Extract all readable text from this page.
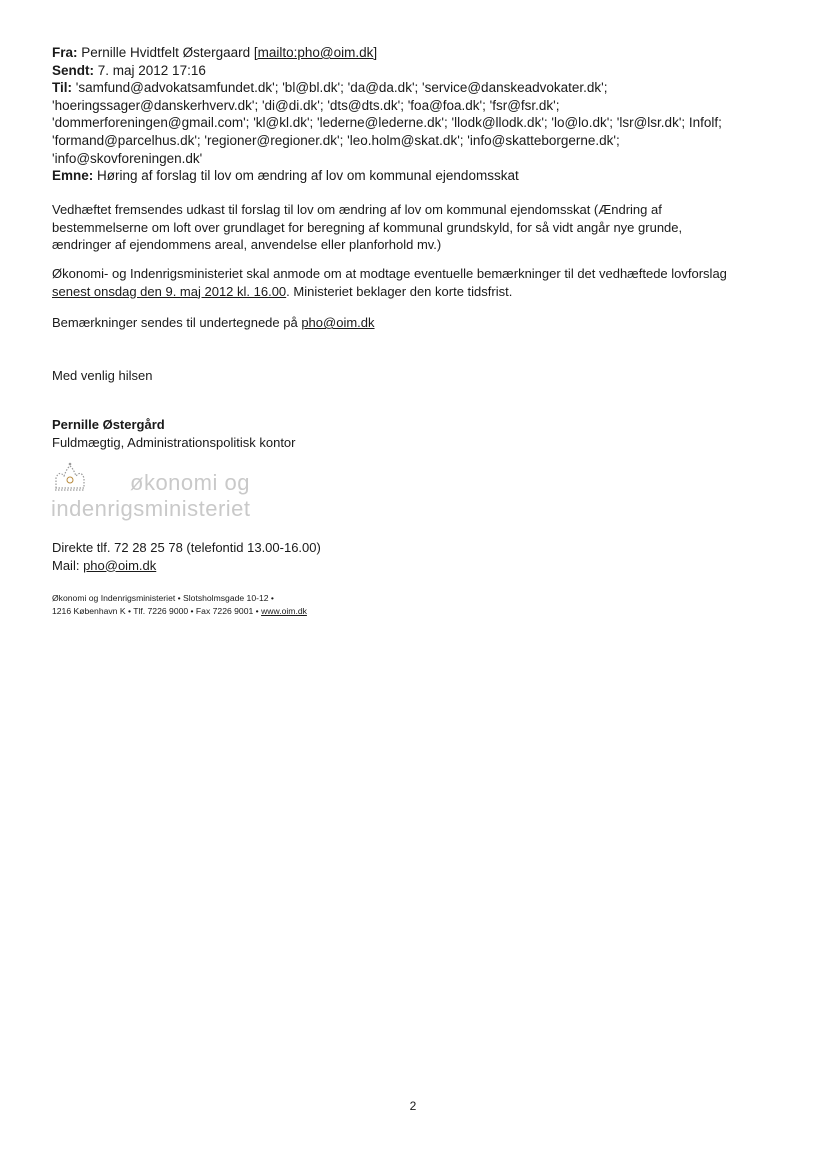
Fra: Pernille Hvidtfelt Østergaard [mailto:pho@oim.dk]
Sendt: 7. maj 2012 17:16
Til: 'samfund@advokatsamfundet.dk'; 'bl@bl.dk'; 'da@da.dk'; 'service@danskeadvokater.dk';
'hoeringssager@danskerhverv.dk'; 'di@di.dk'; 'dts@dts.dk'; 'foa@foa.dk'; 'fsr@fsr.dk';
'dommerforeningen@gmail.com'; 'kl@kl.dk'; 'lederne@lederne.dk'; 'llodk@llodk.dk'; 'lo@lo.dk'; 'lsr@lsr.dk'; Infolf;
'formand@parcelhus.dk'; 'regioner@regioner.dk'; 'leo.holm@skat.dk'; 'info@skatteborgerne.dk';
'info@skovforeningen.dk'
Emne: Høring af forslag til lov om ændring af lov om kommunal ejendomsskat
Vedhæftet fremsendes udkast til forslag til lov om ændring af lov om kommunal ejendomsskat (Ændring af
bestemmelserne om loft over grundlaget for beregning af kommunal grundskyld, for så vidt angår nye grunde,
ændringer af ejendommens areal, anvendelse eller planforhold mv.)
Økonomi- og Indenrigsministeriet skal anmode om at modtage eventuelle bemærkninger til det vedhæftede lovforslag
senest onsdag den 9. maj 2012 kl. 16.00. Ministeriet beklager den korte tidsfrist.
Bemærkninger sendes til undertegnede på pho@oim.dk
Med venlig hilsen
Pernille Østergård
Fuldmægtig, Administrationspolitisk kontor
økonomi og
indenrigsministeriet
Direkte tlf. 72 28 25 78 (telefontid 13.00-16.00)
Mail: pho@oim.dk
Økonomi og Indenrigsministeriet • Slotsholmsgade 10-12 •
1216 København K • Tlf. 7226 9000 • Fax 7226 9001 • www.oim.dk
2
